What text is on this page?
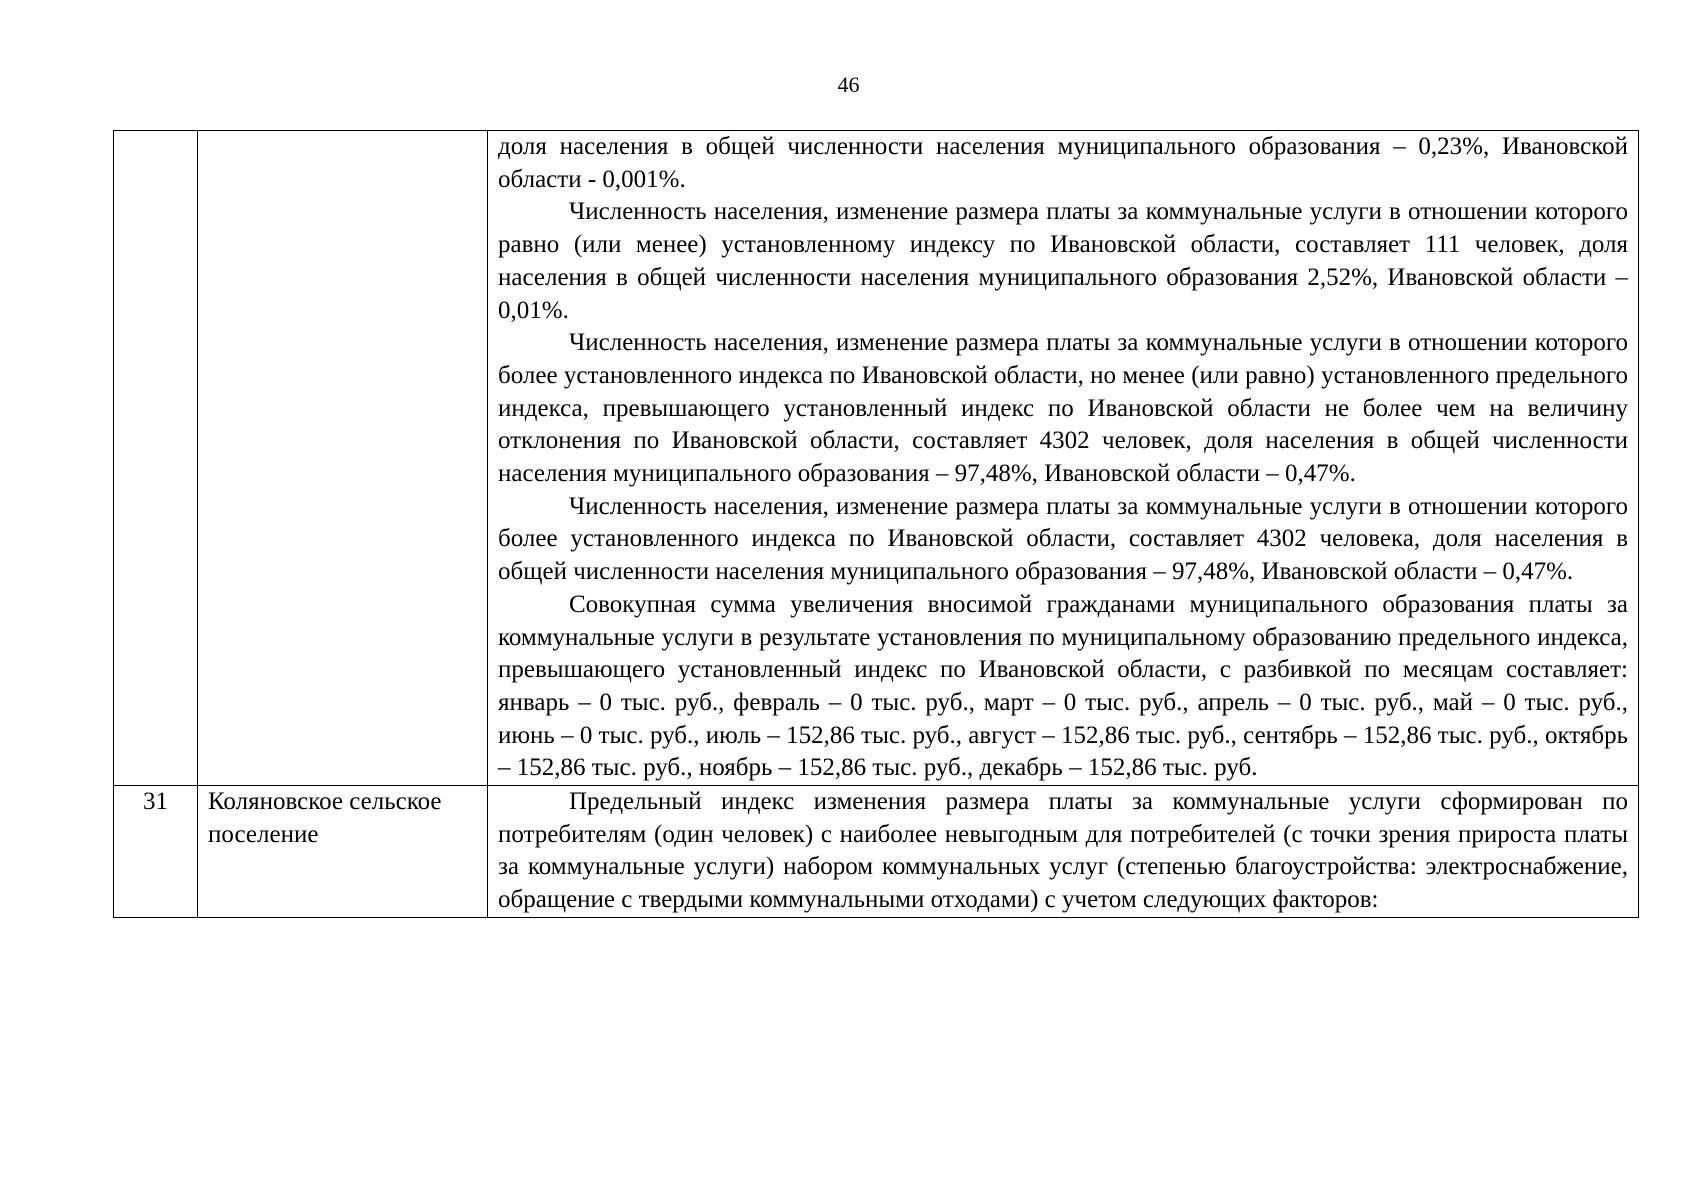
46

		доля населения в общей численности населения муниципального образования – 0,23%, Ивановской области - 0,001%.

Численность населения, изменение размера платы за коммунальные услуги в отношении которого равно (или менее) установленному индексу по Ивановской области, составляет 111 человек, доля населения в общей численности населения муниципального образования 2,52%, Ивановской области – 0,01%.

Численность населения, изменение размера платы за коммунальные услуги в отношении которого более установленного индекса по Ивановской области, но менее (или равно) установленного предельного индекса, превышающего установленный индекс по Ивановской области не более чем на величину отклонения по Ивановской области, составляет 4302 человек, доля населения в общей численности населения муниципального образования – 97,48%, Ивановской области – 0,47%.

Численность населения, изменение размера платы за коммунальные услуги в отношении которого более установленного индекса по Ивановской области, составляет 4302 человека, доля населения в общей численности населения муниципального образования – 97,48%, Ивановской области – 0,47%.

Совокупная сумма увеличения вносимой гражданами муниципального образования платы за коммунальные услуги в результате установления по муниципальному образованию предельного индекса, превышающего установленный индекс по Ивановской области, с разбивкой по месяцам составляет: январь – 0 тыс. руб., февраль – 0 тыс. руб., март – 0 тыс. руб., апрель – 0 тыс. руб., май – 0 тыс. руб., июнь – 0 тыс. руб., июль – 152,86 тыс. руб., август – 152,86 тыс. руб., сентябрь – 152,86 тыс. руб., октябрь – 152,86 тыс. руб., ноябрь – 152,86 тыс. руб., декабрь – 152,86 тыс. руб.

31	Коляновское сельское поселение	Предельный индекс изменения размера платы за коммунальные услуги сформирован по потребителям (один человек) с наиболее невыгодным для потребителей (с точки зрения прироста платы за коммунальные услуги) набором коммунальных услуг (степенью благоустройства: электроснабжение, обращение с твердыми коммунальными отходами) с учетом следующих факторов:
